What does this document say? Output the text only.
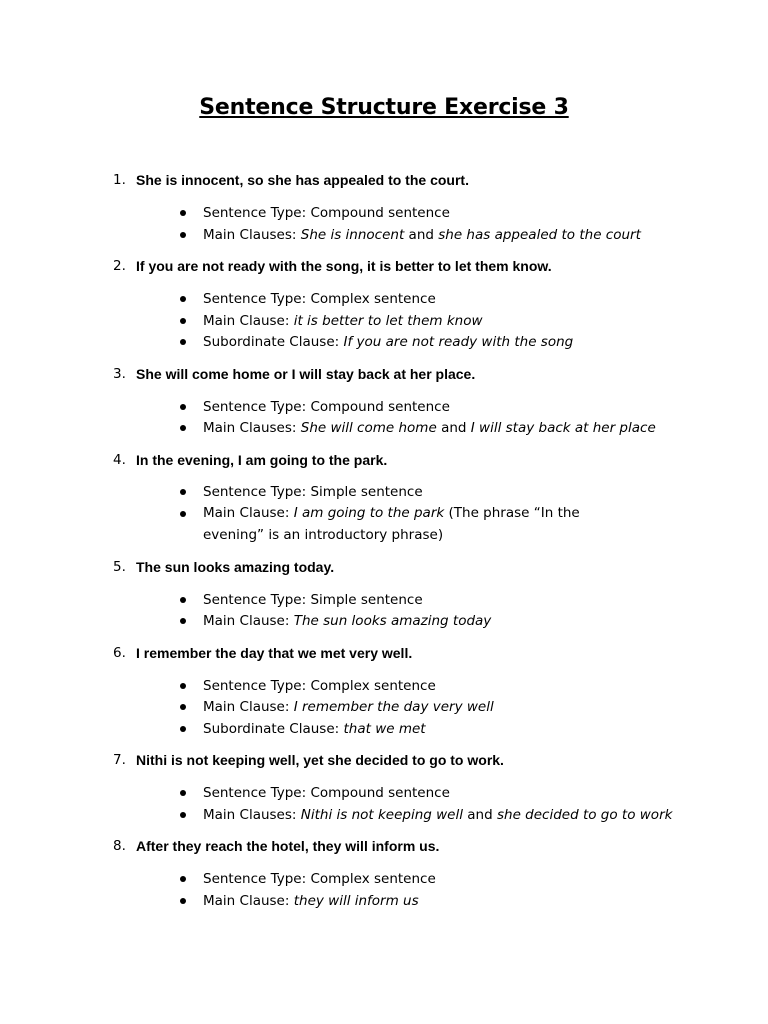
Sentence Structure Exercise 3
1. She is innocent, so she has appealed to the court.
Sentence Type: Compound sentence
Main Clauses: She is innocent and she has appealed to the court
2. If you are not ready with the song, it is better to let them know.
Sentence Type: Complex sentence
Main Clause: it is better to let them know
Subordinate Clause: If you are not ready with the song
3. She will come home or I will stay back at her place.
Sentence Type: Compound sentence
Main Clauses: She will come home and I will stay back at her place
4. In the evening, I am going to the park.
Sentence Type: Simple sentence
Main Clause: I am going to the park (The phrase “In the evening” is an introductory phrase)
5. The sun looks amazing today.
Sentence Type: Simple sentence
Main Clause: The sun looks amazing today
6. I remember the day that we met very well.
Sentence Type: Complex sentence
Main Clause: I remember the day very well
Subordinate Clause: that we met
7. Nithi is not keeping well, yet she decided to go to work.
Sentence Type: Compound sentence
Main Clauses: Nithi is not keeping well and she decided to go to work
8. After they reach the hotel, they will inform us.
Sentence Type: Complex sentence
Main Clause: they will inform us
